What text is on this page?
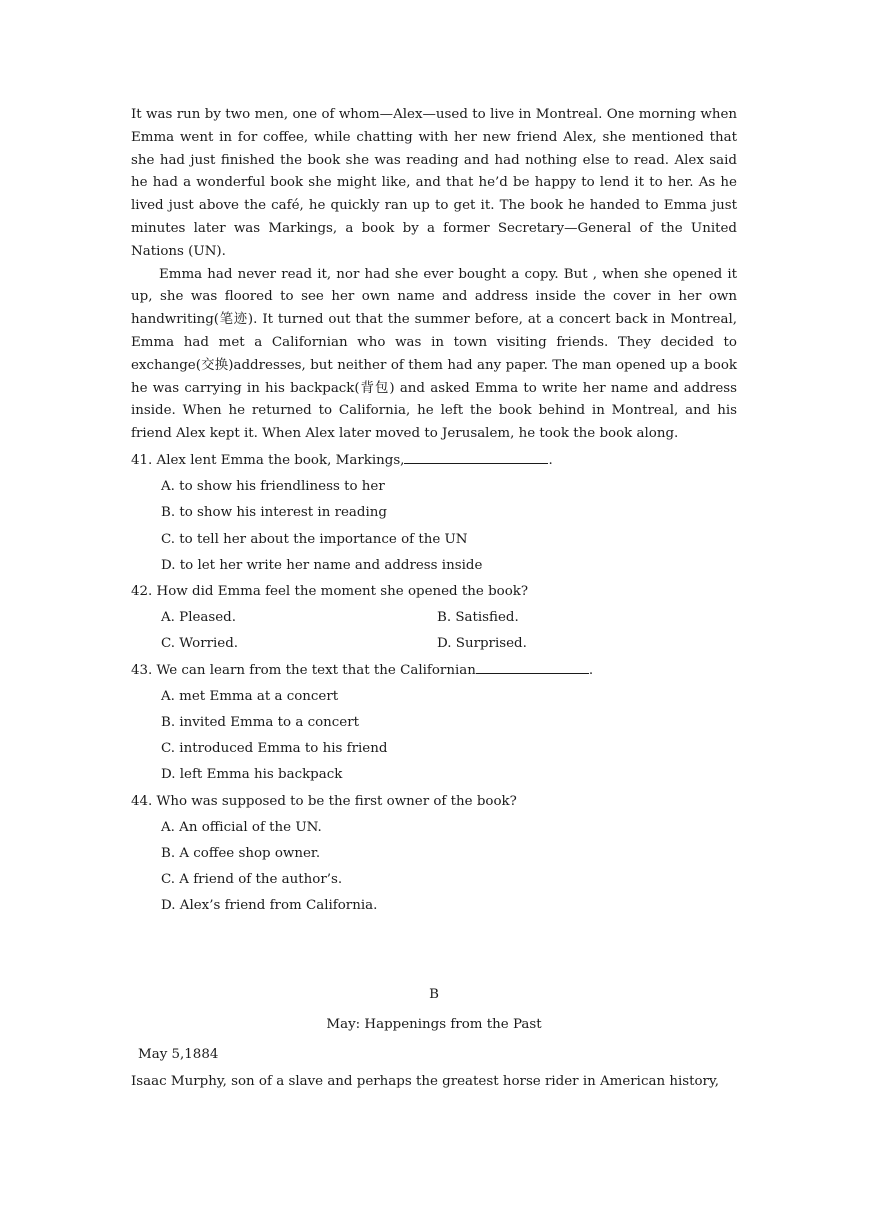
It was run by two men, one of whom—Alex—used to live in Montreal. One morning when Emma went in for coffee, while chatting with her new friend Alex, she mentioned that she had just finished the book she was reading and had nothing else to read. Alex said he had a wonderful book she might like, and that he’d be happy to lend it to her. As he lived just above the café, he quickly ran up to get it. The book he handed to Emma just minutes later was Markings, a book by a former Secretary—General of the United Nations (UN).

Emma had never read it, nor had she ever bought a copy. But , when she opened it up, she was floored to see her own name and address inside the cover in her own handwriting(笔迹). It turned out that the summer before, at a concert back in Montreal, Emma had met a Californian who was in town visiting friends. They decided to exchange(交换)addresses, but neither of them had any paper. The man opened up a book he was carrying in his backpack(背包) and asked Emma to write her name and address inside. When he returned to California, he left the book behind in Montreal, and his friend Alex kept it. When Alex later moved to Jerusalem, he took the book along.

41. Alex lent Emma the book, Markings,	.

A. to show his friendliness to her

B. to show his interest in reading

C. to tell her about the importance of the UN

D. to let her write her name and address inside

42. How did Emma feel the moment she opened the book?

A. Pleased.	B. Satisfied.
C. Worried.	D. Surprised.

43. We can learn from the text that the Californian	.

A. met Emma at a concert

B. invited Emma to a concert

C. introduced Emma to his friend

D. left Emma his backpack

44. Who was supposed to be the first owner of the book?

A. An official of the UN.

B. A coffee shop owner.

C. A friend of the author’s.

D. Alex’s friend from California.

B
May: Happenings from the Past
May 5,1884

Isaac Murphy, son of a slave and perhaps the greatest horse rider in American history,
